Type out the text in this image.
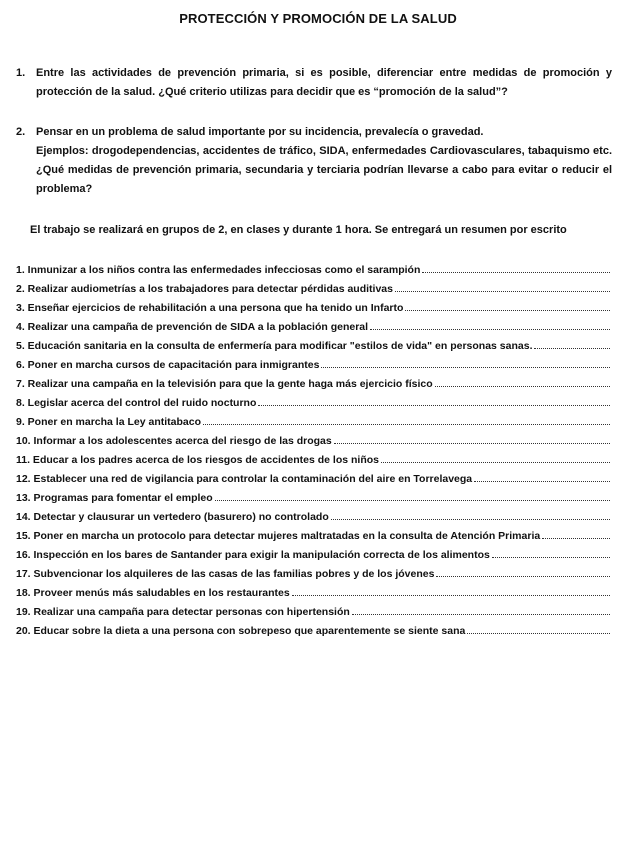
PROTECCIÓN Y PROMOCIÓN DE LA SALUD
1. Entre las actividades de prevención primaria, si es posible, diferenciar entre medidas de promoción y protección de la salud. ¿Qué criterio utilizas para decidir que es “promoción de la salud”?
2. Pensar en un problema de salud importante por su incidencia, prevalecía o gravedad.
Ejemplos: drogodependencias, accidentes de tráfico, SIDA, enfermedades Cardiovasculares, tabaquismo etc. ¿Qué medidas de prevención primaria, secundaria y terciaria podrían llevarse a cabo para evitar o reducir el problema?
El trabajo se realizará en grupos de 2, en clases y durante 1 hora. Se entregará un resumen por escrito
1. Inmunizar a los niños contra las enfermedades infecciosas como el sarampión
2. Realizar audiometrías a los trabajadores para detectar pérdidas auditivas
3. Enseñar ejercicios de rehabilitación a una persona que ha tenido un Infarto
4. Realizar una campaña de prevención de SIDA a la población general
5. Educación sanitaria en la consulta de enfermería para modificar "estilos de vida" en personas sanas.
6. Poner en marcha cursos de capacitación para inmigrantes
7. Realizar una campaña en la televisión para que la gente haga más ejercicio físico
8. Legislar acerca del control del ruido nocturno
9. Poner en marcha la Ley antitabaco
10. Informar a los adolescentes acerca del riesgo de las drogas
11. Educar a los padres acerca de los riesgos de accidentes de los niños
12. Establecer una red de vigilancia para controlar la contaminación del aire en Torrelavega
13. Programas para fomentar el empleo
14. Detectar y clausurar un vertedero (basurero) no controlado
15. Poner en marcha un protocolo para detectar mujeres maltratadas en la consulta de Atención Primaria
16. Inspección en los bares de Santander para exigir la manipulación correcta de los alimentos
17. Subvencionar los alquileres de las casas de las familias pobres y de los jóvenes
18. Proveer menús más saludables en los restaurantes
19. Realizar una campaña para detectar personas con hipertensión
20. Educar sobre la dieta a una persona con sobrepeso que aparentemente se siente sana
